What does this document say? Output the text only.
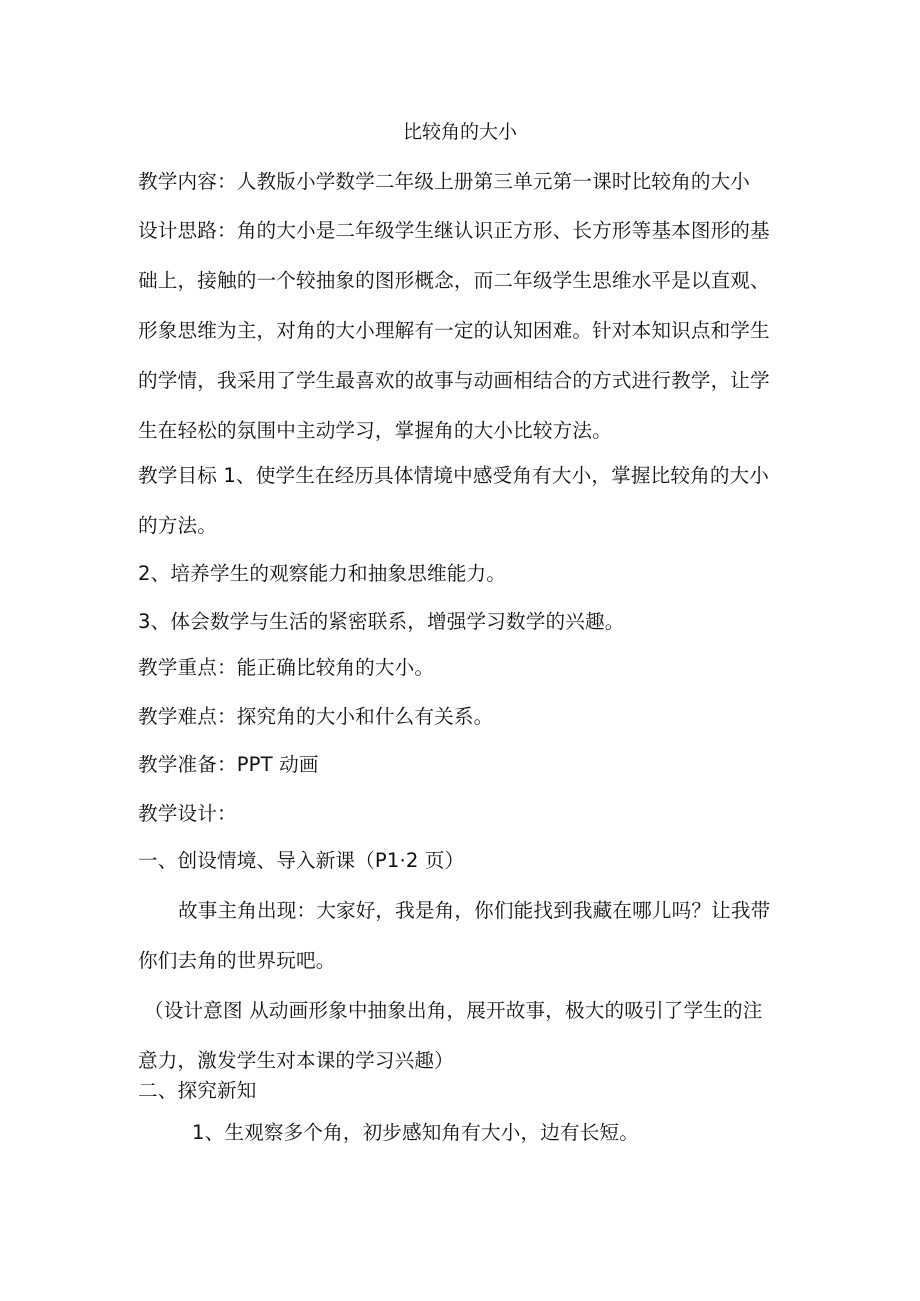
比较角的大小
教学内容：人教版小学数学二年级上册第三单元第一课时比较角的大小
设计思路：角的大小是二年级学生继认识正方形、长方形等基本图形的基
础上，接触的一个较抽象的图形概念，而二年级学生思维水平是以直观、
形象思维为主，对角的大小理解有一定的认知困难。针对本知识点和学生
的学情，我采用了学生最喜欢的故事与动画相结合的方式进行教学，让学
生在轻松的氛围中主动学习，掌握角的大小比较方法。
教学目标 1、使学生在经历具体情境中感受角有大小，掌握比较角的大小
的方法。
2、培养学生的观察能力和抽象思维能力。
3、体会数学与生活的紧密联系，增强学习数学的兴趣。
教学重点：能正确比较角的大小。
教学难点：探究角的大小和什么有关系。
教学准备：PPT 动画
教学设计：
一、创设情境、导入新课（P1·2 页）
故事主角出现：大家好，我是角，你们能找到我藏在哪儿吗？让我带
你们去角的世界玩吧。
（设计意图 从动画形象中抽象出角，展开故事，极大的吸引了学生的注
意力，激发学生对本课的学习兴趣）
二、探究新知
1、生观察多个角，初步感知角有大小，边有长短。
